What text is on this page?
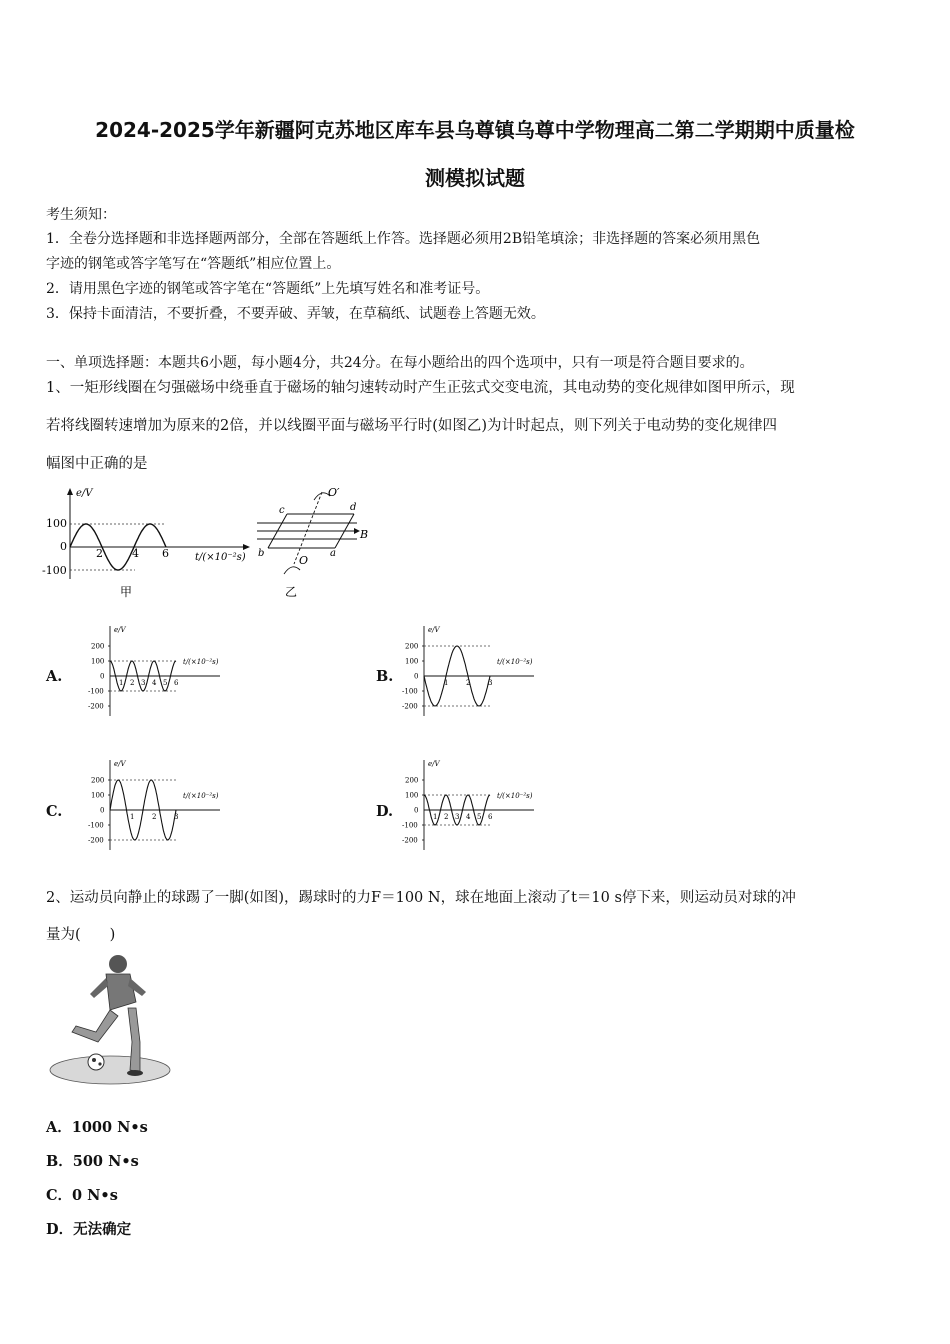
2024-2025学年新疆阿克苏地区库车县乌尊镇乌尊中学物理高二第二学期期中质量检
测模拟试题
考生须知：
1．全卷分选择题和非选择题两部分，全部在答题纸上作答。选择题必须用2B铅笔填涂；非选择题的答案必须用黑色
字迹的钢笔或答字笔写在“答题纸”相应位置上。
2．请用黑色字迹的钢笔或答字笔在“答题纸”上先填写姓名和准考证号。
3．保持卡面清洁，不要折叠，不要弄破、弄皱，在草稿纸、试题卷上答题无效。
一、单项选择题：本题共6小题，每小题4分，共24分。在每小题给出的四个选项中，只有一项是符合题目要求的。
1、一矩形线圈在匀强磁场中绕垂直于磁场的轴匀速转动时产生正弦式交变电流，其电动势的变化规律如图甲所示，现
若将线圈转速增加为原来的2倍，并以线圈平面与磁场平行时(如图乙)为计时起点，则下列关于电动势的变化规律四
幅图中正确的是
e/V
100
0
-100
2	4 6	t/(×10⁻²s)
甲
O′
O
c	d
b	a
B
乙
A.	B.
C.	D.
e/V
t/(×10⁻²s)
200
100
0
-100
-200
1 2 3 4 5 6
e/V
t/(×10⁻²s)
200
100
0
-100
-200
1	2	3
e/V
t/(×10⁻²s)
200
100
0
-100
-200
1	2	3
e/V
t/(×10⁻²s)
200
100
0
-100
-200
1 2 3 4 5 6
2、运动员向静止的球踢了一脚(如图)，踢球时的力F＝100 N，球在地面上滚动了t＝10 s停下来，则运动员对球的冲
量为(　　)
A．1000 N•s
B．500 N•s
C．0 N•s
D．无法确定
